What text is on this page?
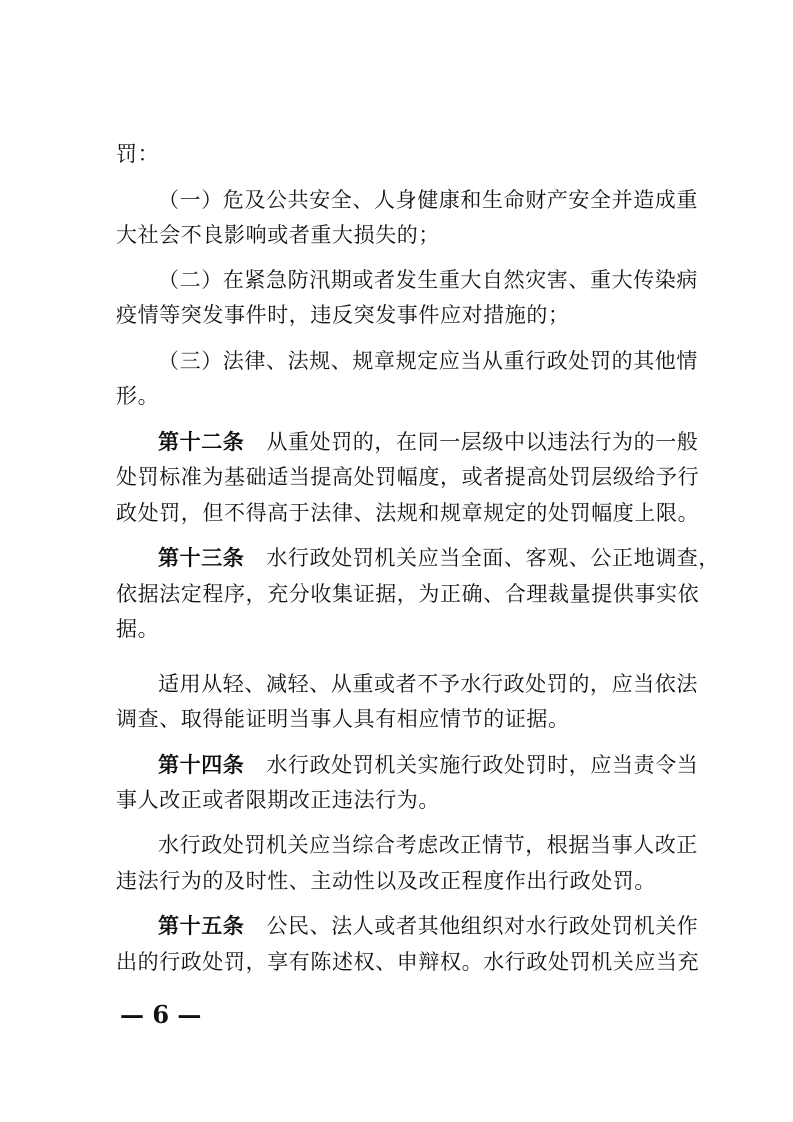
罚：
（一）危及公共安全、人身健康和生命财产安全并造成重
大社会不良影响或者重大损失的；
（二）在紧急防汛期或者发生重大自然灾害、重大传染病
疫情等突发事件时，违反突发事件应对措施的；
（三）法律、法规、规章规定应当从重行政处罚的其他情
形。
第十二条 从重处罚的，在同一层级中以违法行为的一般
处罚标准为基础适当提高处罚幅度，或者提高处罚层级给予行
政处罚，但不得高于法律、法规和规章规定的处罚幅度上限。
第十三条 水行政处罚机关应当全面、客观、公正地调查，
依据法定程序，充分收集证据，为正确、合理裁量提供事实依
据。
适用从轻、减轻、从重或者不予水行政处罚的，应当依法
调查、取得能证明当事人具有相应情节的证据。
第十四条 水行政处罚机关实施行政处罚时，应当责令当
事人改正或者限期改正违法行为。
水行政处罚机关应当综合考虑改正情节，根据当事人改正
违法行为的及时性、主动性以及改正程度作出行政处罚。
第十五条 公民、法人或者其他组织对水行政处罚机关作
出的行政处罚，享有陈述权、申辩权。水行政处罚机关应当充
— 6 —
